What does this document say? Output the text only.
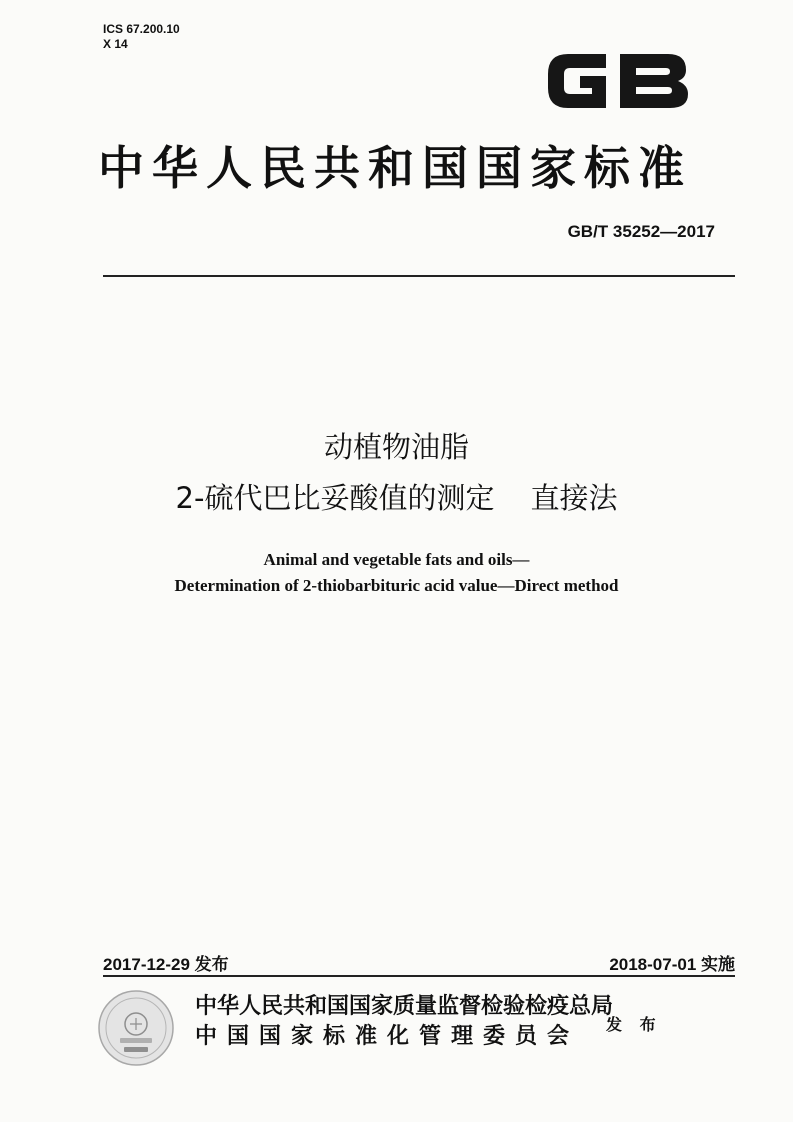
ICS 67.200.10
X 14
中华人民共和国国家标准
GB/T 35252—2017
动植物油脂
2-硫代巴比妥酸值的测定 直接法
Animal and vegetable fats and oils—
Determination of 2-thiobarbituric acid value—Direct method
2017-12-29 发布	2018-07-01 实施
中华人民共和国国家质量监督检验检疫总局
中国国家标准化管理委员会 发 布
